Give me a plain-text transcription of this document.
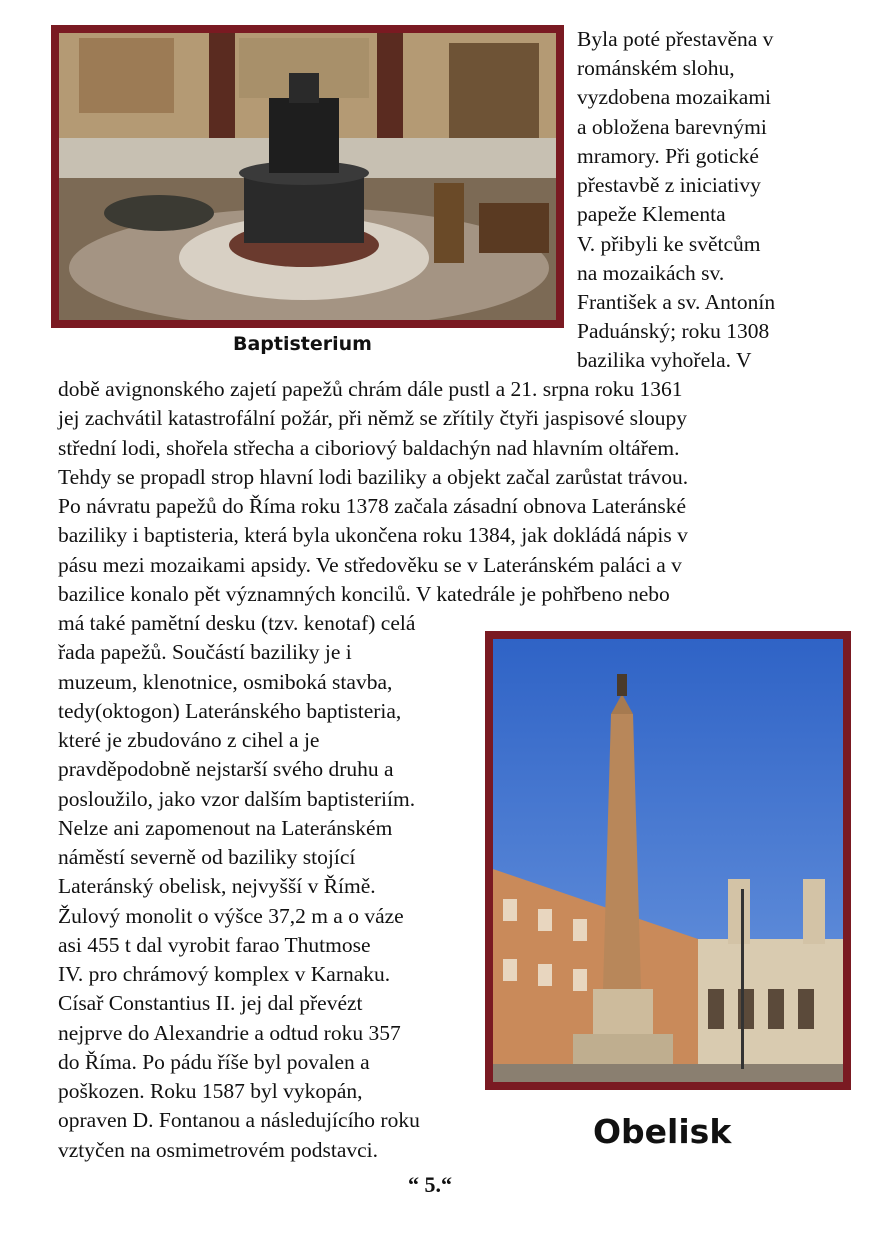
Baptisterium
Obelisk
Byla poté přestavěna v
románském slohu,
vyzdobena mozaikami
a obložena barevnými
mramory. Při gotické
přestavbě z iniciativy
papeže Klementa
V. přibyli ke světcům
na mozaikách sv.
František a sv. Antonín
Paduánský; roku 1308
bazilika vyhořela. V
době avignonského zajetí papežů chrám dále pustl a 21. srpna roku 1361
jej zachvátil katastrofální požár, při němž se zřítily čtyři jaspisové sloupy
střední lodi, shořela střecha a ciboriový baldachýn nad hlavním oltářem.
Tehdy se propadl strop hlavní lodi baziliky a objekt začal zarůstat trávou.
Po návratu papežů do Říma roku 1378 začala zásadní obnova Lateránské
baziliky i baptisteria, která byla ukončena roku 1384, jak dokládá nápis v
pásu mezi mozaikami apsidy. Ve středověku se v Lateránském paláci a v
bazilice konalo pět významných koncilů. V katedrále je pohřbeno nebo
má také pamětní desku (tzv. kenotaf) celá
řada papežů. Součástí baziliky je i
muzeum, klenotnice, osmiboká stavba,
tedy(oktogon) Lateránského baptisteria,
které je zbudováno z cihel a je
pravděpodobně nejstarší svého druhu a
posloužilo, jako vzor dalším baptisteriím.
Nelze ani zapomenout na Lateránském
náměstí severně od baziliky stojící
Lateránský obelisk, nejvyšší v Římě.
Žulový monolit o výšce 37,2 m a o váze
asi 455 t dal vyrobit farao Thutmose
IV. pro chrámový komplex v Karnaku.
Císař Constantius II. jej dal převézt
nejprve do Alexandrie a odtud roku 357
do Říma. Po pádu říše byl povalen a
poškozen. Roku 1587 byl vykopán,
opraven D. Fontanou a následujícího roku
vztyčen na osmimetrovém podstavci.
“ 5.“
